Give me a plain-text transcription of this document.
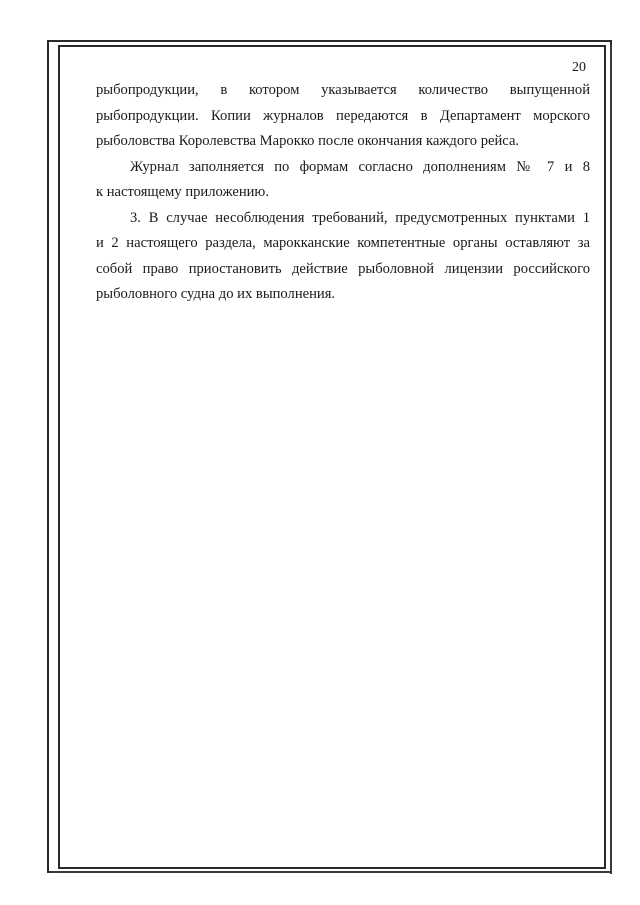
20
рыбопродукции, в котором указывается количество выпущенной
рыбопродукции. Копии журналов передаются в Департамент морского
рыболовства Королевства Марокко после окончания каждого рейса.
Журнал заполняется по формам согласно дополнениям № 7 и 8
к настоящему приложению.
3. В случае несоблюдения требований, предусмотренных пунктами 1
и 2 настоящего раздела, марокканские компетентные органы оставляют за
собой право приостановить действие рыболовной лицензии российского
рыболовного судна до их выполнения.
